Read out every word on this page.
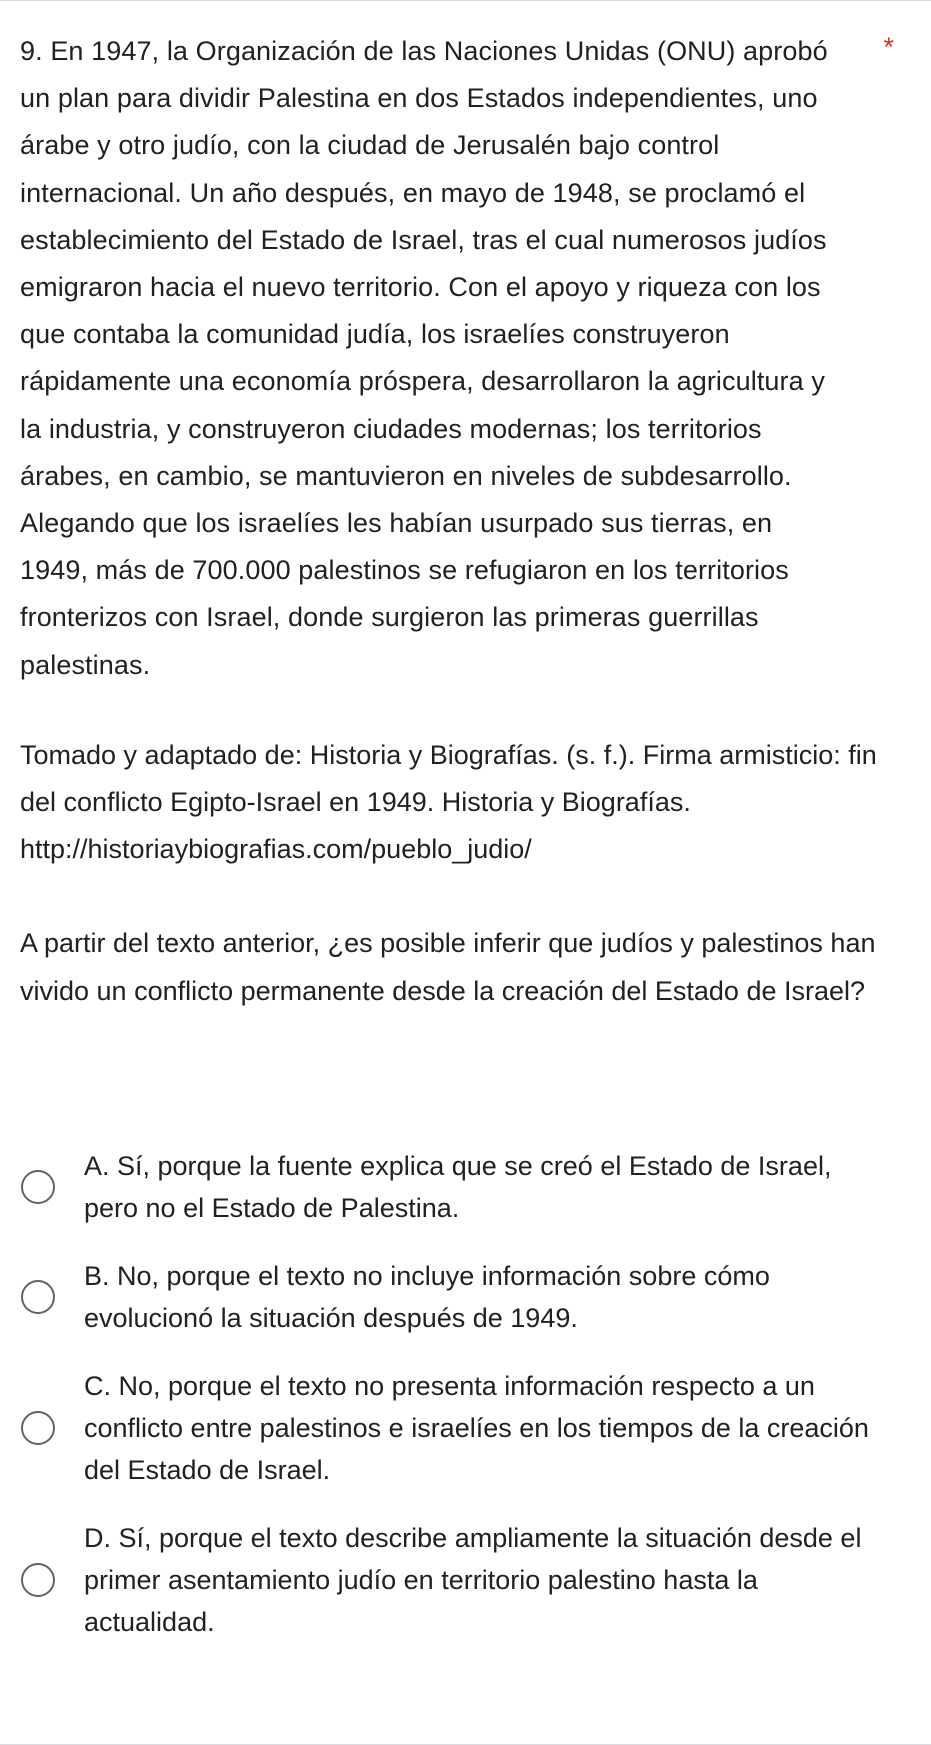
9. En 1947, la Organización de las Naciones Unidas (ONU) aprobó un plan para dividir Palestina en dos Estados independientes, uno árabe y otro judío, con la ciudad de Jerusalén bajo control internacional. Un año después, en mayo de 1948, se proclamó el establecimiento del Estado de Israel, tras el cual numerosos judíos emigraron hacia el nuevo territorio. Con el apoyo y riqueza con los que contaba la comunidad judía, los israelíes construyeron rápidamente una economía próspera, desarrollaron la agricultura y la industria, y construyeron ciudades modernas; los territorios árabes, en cambio, se mantuvieron en niveles de subdesarrollo. Alegando que los israelíes les habían usurpado sus tierras, en 1949, más de 700.000 palestinos se refugiaron en los territorios fronterizos con Israel, donde surgieron las primeras guerrillas palestinas.

*

Tomado y adaptado de: Historia y Biografías. (s. f.). Firma armisticio: fin del conflicto Egipto-Israel en 1949. Historia y Biografías. http://historiaybiografias.com/pueblo_judio/

A partir del texto anterior, ¿es posible inferir que judíos y palestinos han vivido un conflicto permanente desde la creación del Estado de Israel?

A. Sí, porque la fuente explica que se creó el Estado de Israel, pero no el Estado de Palestina.
B. No, porque el texto no incluye información sobre cómo evolucionó la situación después de 1949.
C. No, porque el texto no presenta información respecto a un conflicto entre palestinos e israelíes en los tiempos de la creación del Estado de Israel.
D. Sí, porque el texto describe ampliamente la situación desde el primer asentamiento judío en territorio palestino hasta la actualidad.
